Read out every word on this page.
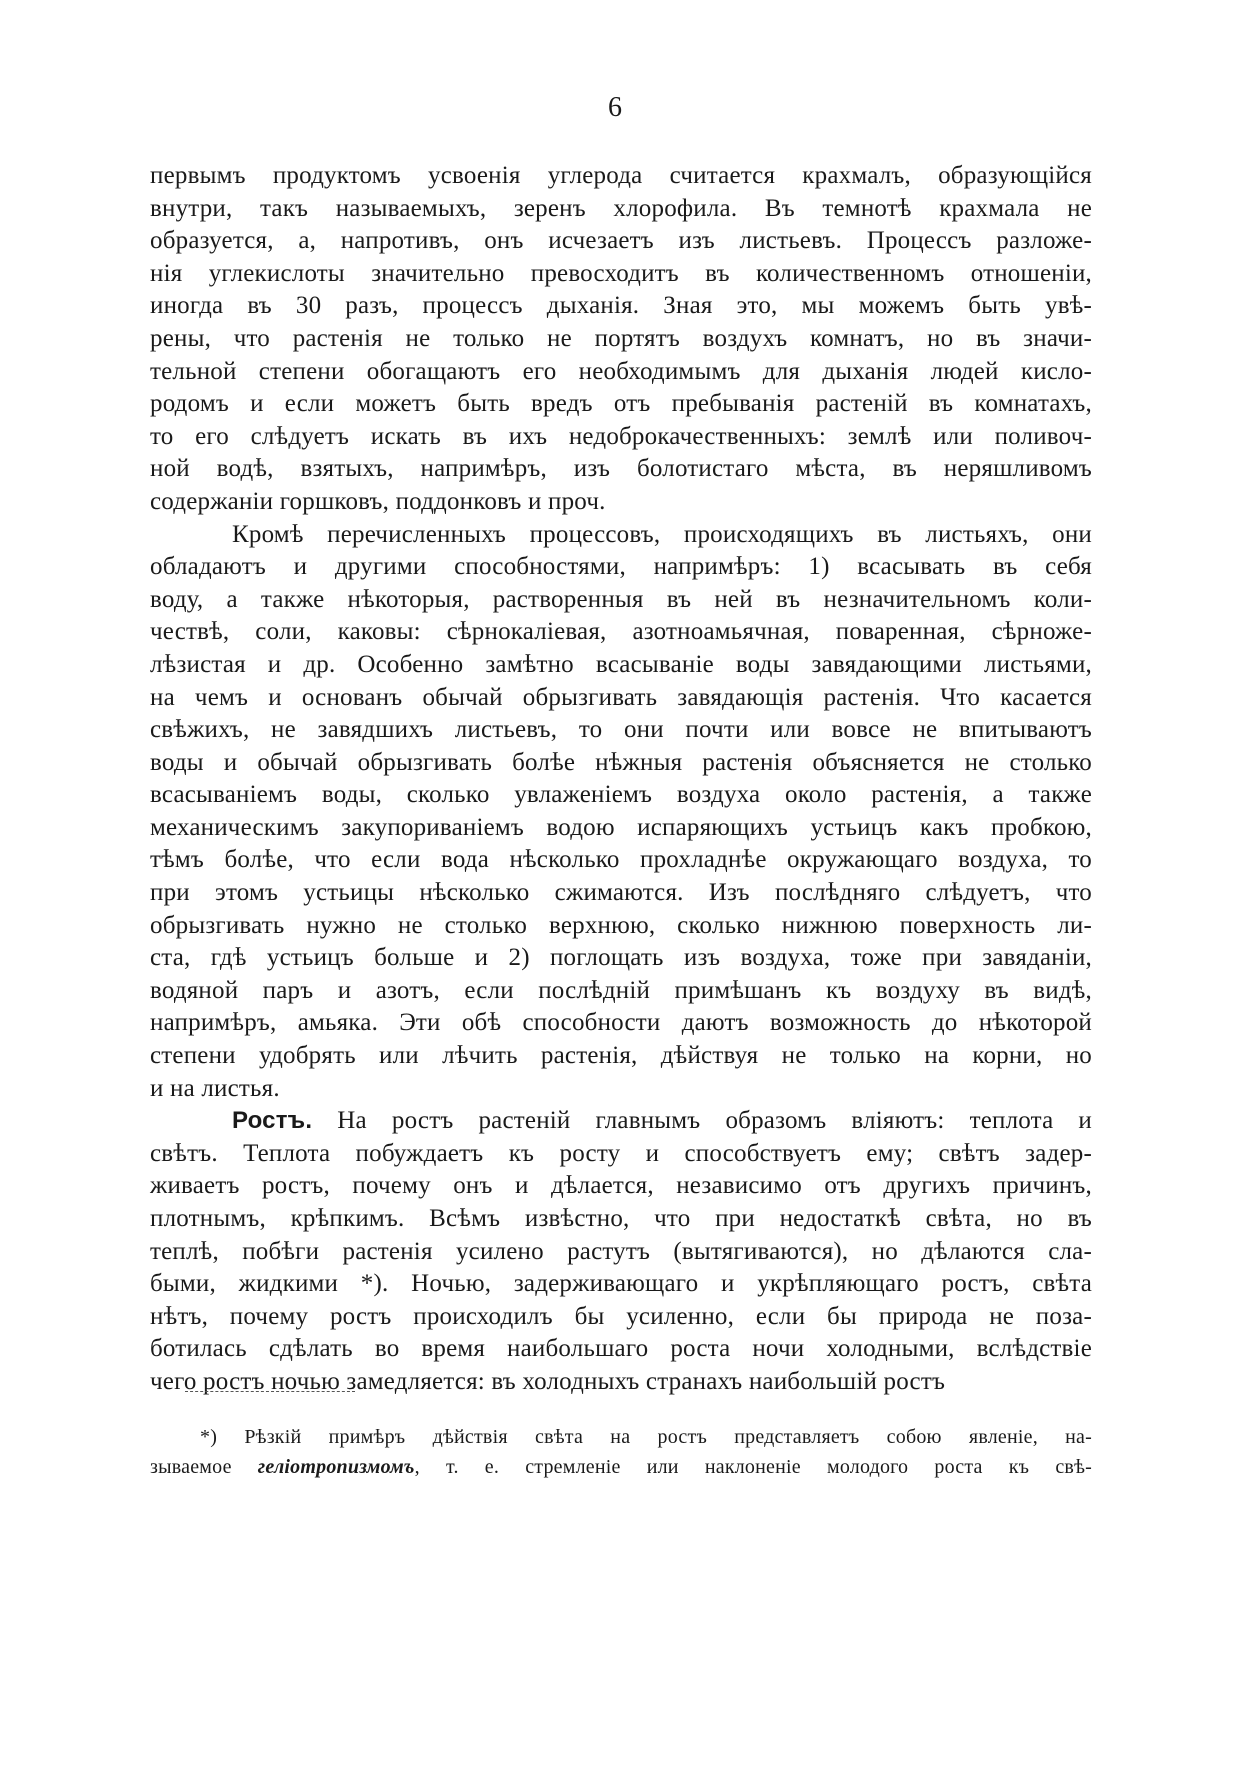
6
первымъ продуктомъ усвоенія углерода считается крахмалъ, образующійся
внутри, такъ называемыхъ, зеренъ хлорофила. Въ темнотѣ крахмала не
образуется, а, напротивъ, онъ исчезаетъ изъ листьевъ. Процессъ разложе-
нія углекислоты значительно превосходитъ въ количественномъ отношеніи,
иногда въ 30 разъ, процессъ дыханія. Зная это, мы можемъ быть увѣ-
рены, что растенія не только не портятъ воздухъ комнатъ, но въ значи-
тельной степени обогащаютъ его необходимымъ для дыханія людей кисло-
родомъ и если можетъ быть вредъ отъ пребыванія растеній въ комнатахъ,
то его слѣдуетъ искать въ ихъ недоброкачественныхъ: землѣ или поливоч-
ной водѣ, взятыхъ, напримѣръ, изъ болотистаго мѣста, въ неряшливомъ
содержаніи горшковъ, поддонковъ и проч.
Кромѣ перечисленныхъ процессовъ, происходящихъ въ листьяхъ, они
обладаютъ и другими способностями, напримѣръ: 1) всасывать въ себя
воду, а также нѣкоторыя, растворенныя въ ней въ незначительномъ коли-
чествѣ, соли, каковы: сѣрнокаліевая, азотноамьячная, поваренная, сѣрноже-
лѣзистая и др. Особенно замѣтно всасываніе воды завядающими листьями,
на чемъ и основанъ обычай обрызгивать завядающія растенія. Что касается
свѣжихъ, не завядшихъ листьевъ, то они почти или вовсе не впитываютъ
воды и обычай обрызгивать болѣе нѣжныя растенія объясняется не столько
всасываніемъ воды, сколько увлаженіемъ воздуха около растенія, а также
механическимъ закупориваніемъ водою испаряющихъ устьицъ какъ пробкою,
тѣмъ болѣе, что если вода нѣсколько прохладнѣе окружающаго воздуха, то
при этомъ устьицы нѣсколько сжимаются. Изъ послѣдняго слѣдуетъ, что
обрызгивать нужно не столько верхнюю, сколько нижнюю поверхность ли-
ста, гдѣ устьицъ больше и 2) поглощать изъ воздуха, тоже при завяданіи,
водяной паръ и азотъ, если послѣдній примѣшанъ къ воздуху въ видѣ,
напримѣръ, амьяка. Эти обѣ способности даютъ возможность до нѣкоторой
степени удобрять или лѣчить растенія, дѣйствуя не только на корни, но
и на листья.
Ростъ. На ростъ растеній главнымъ образомъ вліяютъ: теплота и
свѣтъ. Теплота побуждаетъ къ росту и способствуетъ ему; свѣтъ задер-
живаетъ ростъ, почему онъ и дѣлается, независимо отъ другихъ причинъ,
плотнымъ, крѣпкимъ. Всѣмъ извѣстно, что при недостаткѣ свѣта, но въ
теплѣ, побѣги растенія усилено растутъ (вытягиваются), но дѣлаются сла-
быми, жидкими *). Ночью, задерживающаго и укрѣпляющаго ростъ, свѣта
нѣтъ, почему ростъ происходилъ бы усиленно, если бы природа не поза-
ботилась сдѣлать во время наибольшаго роста ночи холодными, вслѣдствіе
чего ростъ ночью замедляется: въ холодныхъ странахъ наибольшій ростъ
*) Рѣзкій примѣръ дѣйствія свѣта на ростъ представляетъ собою явленіе, на-
зываемое геліотропизмомъ, т. е. стремленіе или наклоненіе молодого роста къ свѣ-
